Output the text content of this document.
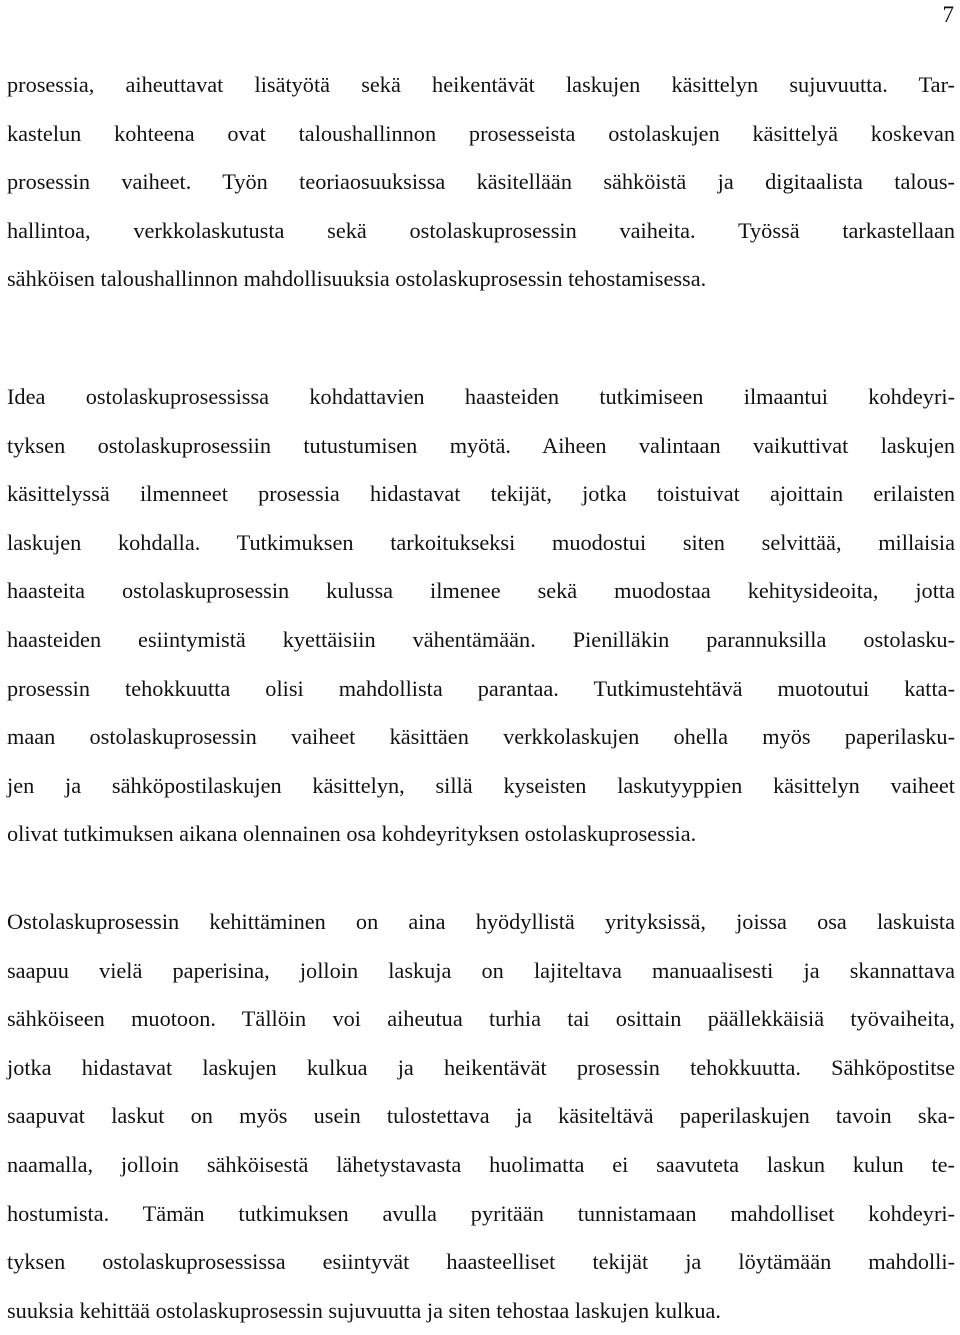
7
prosessia, aiheuttavat lisätyötä sekä heikentävät laskujen käsittelyn sujuvuutta. Tar-
kastelun kohteena ovat taloushallinnon prosesseista ostolaskujen käsittelyä koskevan
prosessin vaiheet. Työn teoriaosuuksissa käsitellään sähköistä ja digitaalista talous-
hallintoa, verkkolaskutusta sekä ostolaskuprosessin vaiheita. Työssä tarkastellaan
sähköisen taloushallinnon mahdollisuuksia ostolaskuprosessin tehostamisessa.
Idea ostolaskuprosessissa kohdattavien haasteiden tutkimiseen ilmaantui kohdeyri-
tyksen ostolaskuprosessiin tutustumisen myötä. Aiheen valintaan vaikuttivat laskujen
käsittelyssä ilmenneet prosessia hidastavat tekijät, jotka toistuivat ajoittain erilaisten
laskujen kohdalla. Tutkimuksen tarkoitukseksi muodostui siten selvittää, millaisia
haasteita ostolaskuprosessin kulussa ilmenee sekä muodostaa kehitysideoita, jotta
haasteiden esiintymistä kyettäisiin vähentämään. Pienilläkin parannuksilla ostolasku-
prosessin tehokkuutta olisi mahdollista parantaa. Tutkimustehtävä muotoutui katta-
maan ostolaskuprosessin vaiheet käsittäen verkkolaskujen ohella myös paperilasku-
jen ja sähköpostilaskujen käsittelyn, sillä kyseisten laskutyyppien käsittelyn vaiheet
olivat tutkimuksen aikana olennainen osa kohdeyrityksen ostolaskuprosessia.
Ostolaskuprosessin kehittäminen on aina hyödyllistä yrityksissä, joissa osa laskuista
saapuu vielä paperisina, jolloin laskuja on lajiteltava manuaalisesti ja skannattava
sähköiseen muotoon. Tällöin voi aiheutua turhia tai osittain päällekkäisiä työvaiheita,
jotka hidastavat laskujen kulkua ja heikentävät prosessin tehokkuutta. Sähköpostitse
saapuvat laskut on myös usein tulostettava ja käsiteltävä paperilaskujen tavoin ska-
naamalla, jolloin sähköisestä lähetystavasta huolimatta ei saavuteta laskun kulun te-
hostumista. Tämän tutkimuksen avulla pyritään tunnistamaan mahdolliset kohdeyri-
tyksen ostolaskuprosessissa esiintyvät haasteelliset tekijät ja löytämään mahdolli-
suuksia kehittää ostolaskuprosessin sujuvuutta ja siten tehostaa laskujen kulkua.
